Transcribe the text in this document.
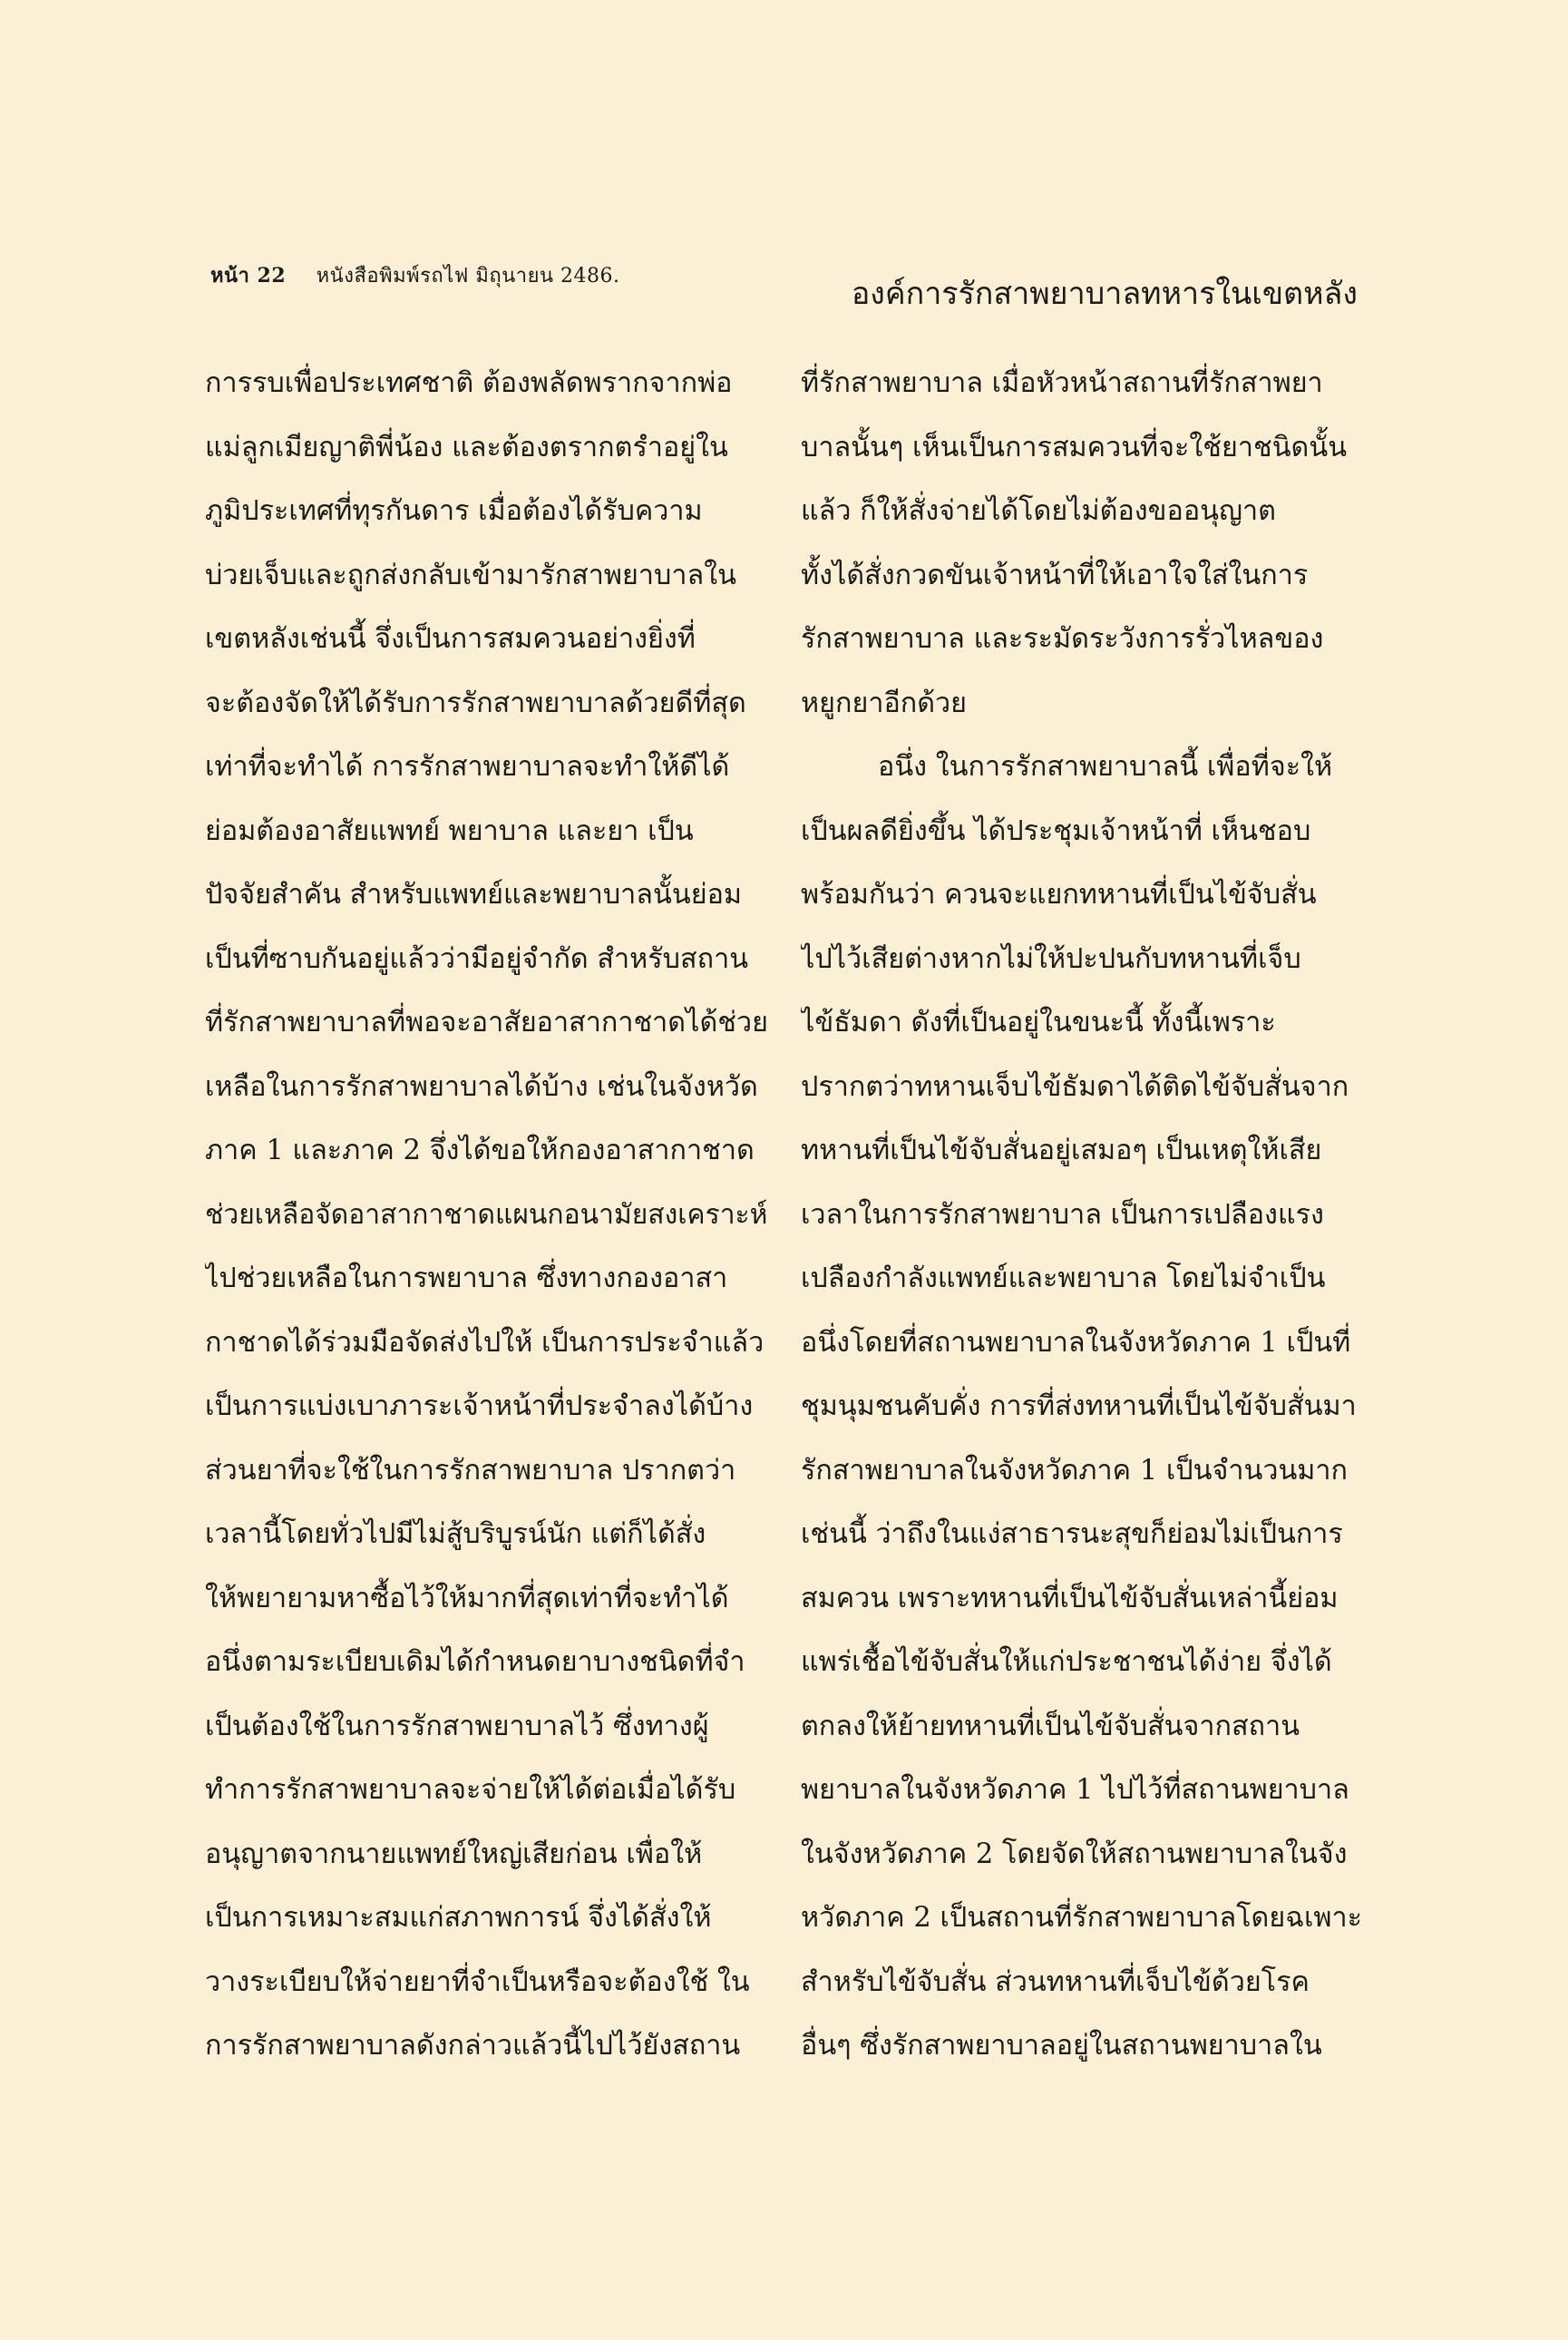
หน้า 22 หนังสือพิมพ์รถไฟ มิถุนายน 2486.	องค์การรักสาพยาบาลทหารในเขตหลัง
การรบเพื่อประเทศชาติ ต้องพลัดพรากจากพ่อ
แม่ลูกเมียญาติพี่น้อง และต้องตรากตรำอยู่ใน
ภูมิประเทศที่ทุรกันดาร เมื่อต้องได้รับความ
บ่วยเจ็บและถูกส่งกลับเข้ามารักสาพยาบาลใน
เขตหลังเช่นนี้ จึ่งเป็นการสมควนอย่างยิ่งที่
จะต้องจัดให้ได้รับการรักสาพยาบาลด้วยดีที่สุด
เท่าที่จะทำได้ การรักสาพยาบาลจะทำให้ดีได้
ย่อมต้องอาสัยแพทย์ พยาบาล และยา เป็น
ปัจจัยสำคัน สำหรับแพทย์และพยาบาลนั้นย่อม
เป็นที่ซาบกันอยู่แล้วว่ามีอยู่จำกัด สำหรับสถาน
ที่รักสาพยาบาลที่พอจะอาสัยอาสากาชาดได้ช่วย
เหลือในการรักสาพยาบาลได้บ้าง เช่นในจังหวัด
ภาค 1 และภาค 2 จึ่งได้ขอให้กองอาสากาชาด
ช่วยเหลือจัดอาสากาชาดแผนกอนามัยสงเคราะห์
ไปช่วยเหลือในการพยาบาล ซึ่งทางกองอาสา
กาชาดได้ร่วมมือจัดส่งไปให้ เป็นการประจำแล้ว
เป็นการแบ่งเบาภาระเจ้าหน้าที่ประจำลงได้บ้าง
ส่วนยาที่จะใช้ในการรักสาพยาบาล ปรากตว่า
เวลานี้โดยทั่วไปมีไม่สู้บริบูรน์นัก แต่ก็ได้สั่ง
ให้พยายามหาซื้อไว้ให้มากที่สุดเท่าที่จะทำได้
อนึ่งตามระเบียบเดิมได้กำหนดยาบางชนิดที่จำ
เป็นต้องใช้ในการรักสาพยาบาลไว้ ซึ่งทางผู้
ทำการรักสาพยาบาลจะจ่ายให้ได้ต่อเมื่อได้รับ
อนุญาตจากนายแพทย์ใหญ่เสียก่อน เพื่อให้
เป็นการเหมาะสมแก่สภาพการน์ จึ่งได้สั่งให้
วางระเบียบให้จ่ายยาที่จำเป็นหรือจะต้องใช้ ใน
การรักสาพยาบาลดังกล่าวแล้วนี้ไปไว้ยังสถาน
ที่รักสาพยาบาล เมื่อหัวหน้าสถานที่รักสาพยา
บาลนั้นๆ เห็นเป็นการสมควนที่จะใช้ยาชนิดนั้น
แล้ว ก็ให้สั่งจ่ายได้โดยไม่ต้องขออนุญาต
ทั้งได้สั่งกวดขันเจ้าหน้าที่ให้เอาใจใส่ในการ
รักสาพยาบาล และระมัดระวังการรั่วไหลของ
หยูกยาอีกด้วย
อนึ่ง ในการรักสาพยาบาลนี้ เพื่อที่จะให้
เป็นผลดียิ่งขึ้น ได้ประชุมเจ้าหน้าที่ เห็นชอบ
พร้อมกันว่า ควนจะแยกทหานที่เป็นไข้จับสั่น
ไปไว้เสียต่างหากไม่ให้ปะปนกับทหานที่เจ็บ
ไข้ธัมดา ดังที่เป็นอยู่ในขนะนี้ ทั้งนี้เพราะ
ปรากตว่าทหานเจ็บไข้ธัมดาได้ติดไข้จับสั่นจาก
ทหานที่เป็นไข้จับสั่นอยู่เสมอๆ เป็นเหตุให้เสีย
เวลาในการรักสาพยาบาล เป็นการเปลืองแรง
เปลืองกำลังแพทย์และพยาบาล โดยไม่จำเป็น
อนึ่งโดยที่สถานพยาบาลในจังหวัดภาค 1 เป็นที่
ชุมนุมชนคับคั่ง การที่ส่งทหานที่เป็นไข้จับสั่นมา
รักสาพยาบาลในจังหวัดภาค 1 เป็นจำนวนมาก
เช่นนี้ ว่าถึงในแง่สาธารนะสุขก็ย่อมไม่เป็นการ
สมควน เพราะทหานที่เป็นไข้จับสั่นเหล่านี้ย่อม
แพร่เชื้อไข้จับสั่นให้แก่ประชาชนได้ง่าย จึ่งได้
ตกลงให้ย้ายทหานที่เป็นไข้จับสั่นจากสถาน
พยาบาลในจังหวัดภาค 1 ไปไว้ที่สถานพยาบาล
ในจังหวัดภาค 2 โดยจัดให้สถานพยาบาลในจัง
หวัดภาค 2 เป็นสถานที่รักสาพยาบาลโดยฉเพาะ
สำหรับไข้จับสั่น ส่วนทหานที่เจ็บไข้ด้วยโรค
อื่นๆ ซึ่งรักสาพยาบาลอยู่ในสถานพยาบาลใน
